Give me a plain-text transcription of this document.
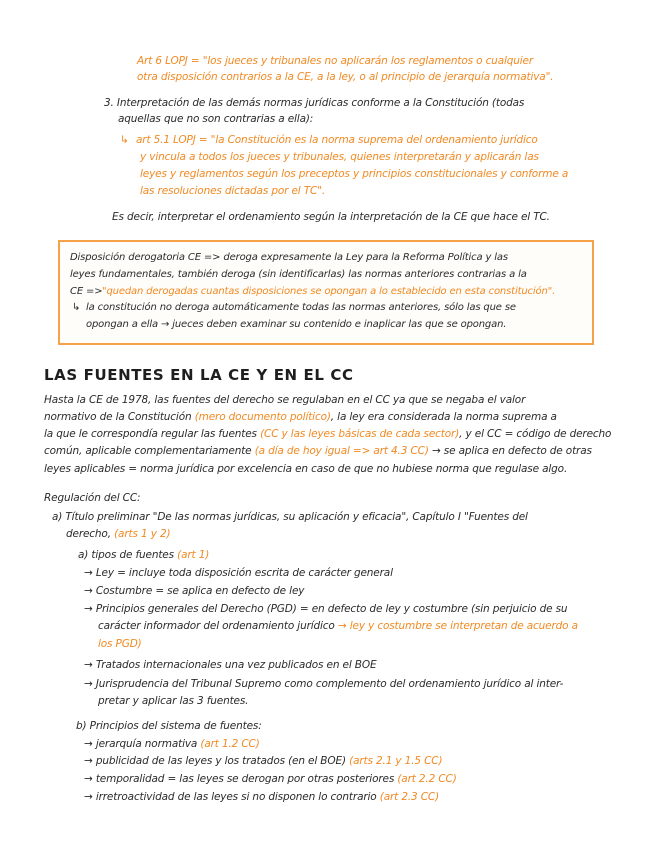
Art 6 LOPJ = "los jueces y tribunales no aplicarán los reglamentos o cualquier
otra disposición contrarios a la CE, a la ley, o al principio de jerarquía normativa".
3. Interpretación de las demás normas jurídicas conforme a la Constitución (todas
aquellas que no son contrarias a ella):
↳ art 5.1 LOPJ = "la Constitución es la norma suprema del ordenamiento jurídico
y vincula a todos los jueces y tribunales, quienes interpretarán y aplicarán las
leyes y reglamentos según los preceptos y principios constitucionales y conforme a
las resoluciones dictadas por el TC".
Es decir, interpretar el ordenamiento según la interpretación de la CE que hace el TC.
Disposición derogatoria CE => deroga expresamente la Ley para la Reforma Política y las
leyes fundamentales, también deroga (sin identificarlas) las normas anteriores contrarias a la
CE => "quedan derogadas cuantas disposiciones se opongan a lo establecido en esta constitución".
↳ la constitución no deroga automáticamente todas las normas anteriores, sólo las que se
opongan a ella → jueces deben examinar su contenido e inaplicar las que se opongan.
LAS FUENTES EN LA CE Y EN EL CC
Hasta la CE de 1978, las fuentes del derecho se regulaban en el CC ya que se negaba el valor
normativo de la Constitución (mero documento político), la ley era considerada la norma suprema a
la que le correspondía regular las fuentes (CC y las leyes básicas de cada sector), y el CC = código de derecho
común, aplicable complementariamente (a día de hoy igual => art 4.3 CC) → se aplica en defecto de otras
leyes aplicables = norma jurídica por excelencia en caso de que no hubiese norma que regulase algo.
Regulación del CC:
a) Título preliminar "De las normas jurídicas, su aplicación y eficacia", Capítulo I "Fuentes del
derecho, (arts 1 y 2)
a) tipos de fuentes (art 1)
→ Ley = incluye toda disposición escrita de carácter general
→ Costumbre = se aplica en defecto de ley
→ Principios generales del Derecho (PGD) = en defecto de ley y costumbre (sin perjuicio de su
carácter informador del ordenamiento jurídico → ley y costumbre se interpretan de acuerdo a
los PGD)
→ Tratados internacionales una vez publicados en el BOE
→ Jurisprudencia del Tribunal Supremo como complemento del ordenamiento jurídico al inter-
pretar y aplicar las 3 fuentes.
b) Principios del sistema de fuentes:
→ jerarquía normativa (art 1.2 CC)
→ publicidad de las leyes y los tratados (en el BOE) (arts 2.1 y 1.5 CC)
→ temporalidad = las leyes se derogan por otras posteriores (art 2.2 CC)
→ irretroactividad de las leyes si no disponen lo contrario (art 2.3 CC)
